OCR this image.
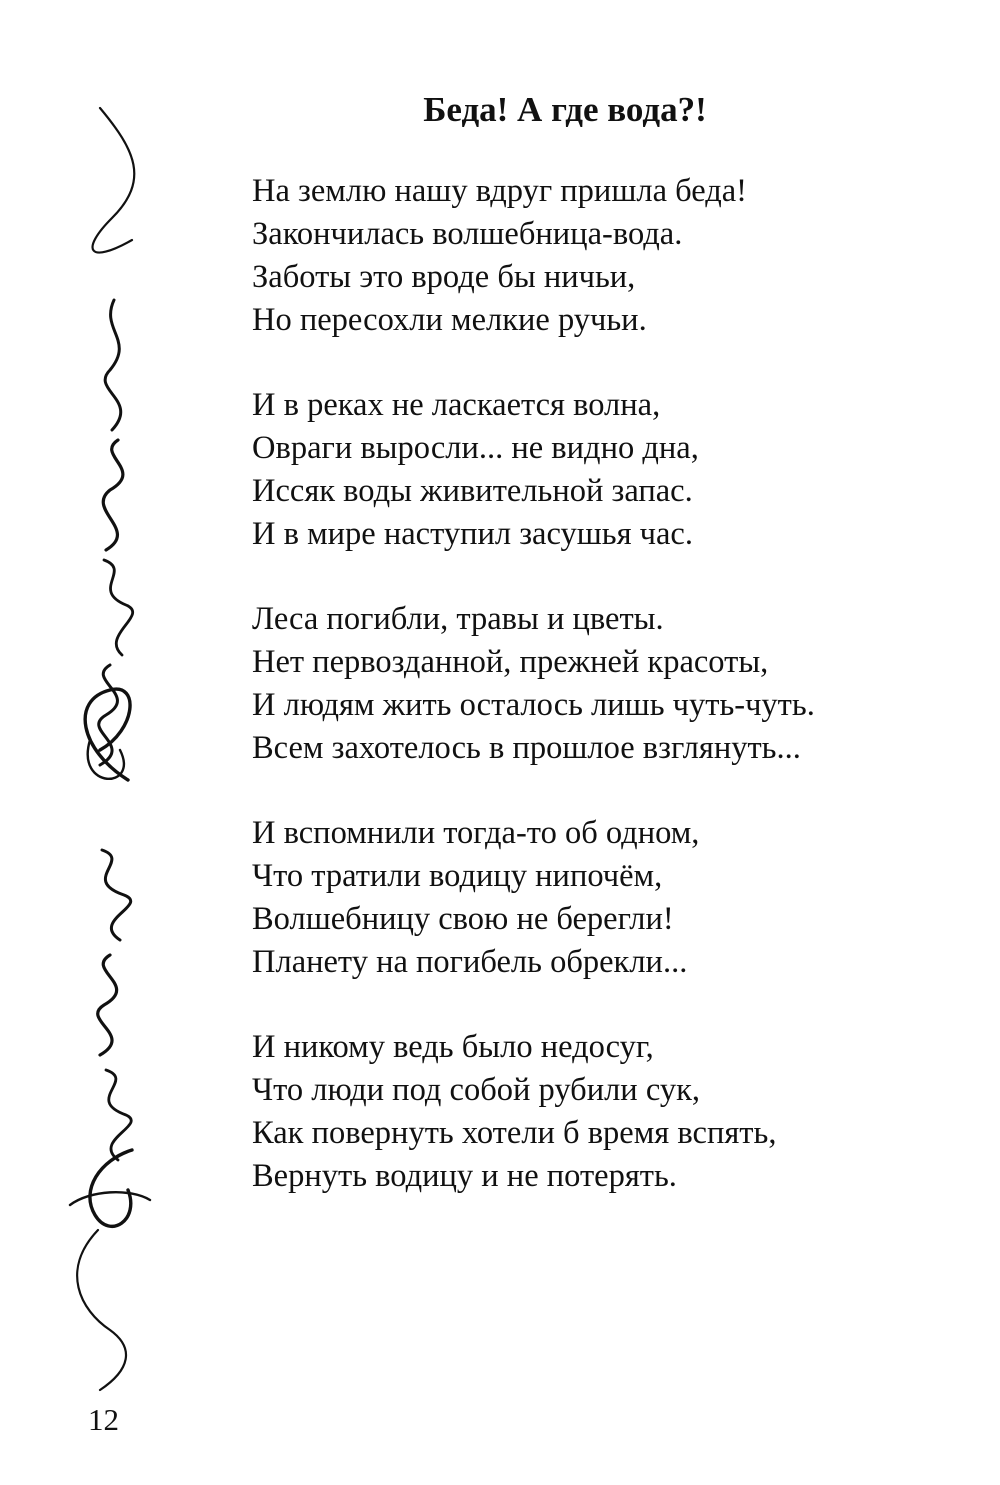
Беда! А где вода?!
На землю нашу вдруг пришла беда!
Закончилась волшебница-вода.
Заботы это вроде бы ничьи,
Но пересохли мелкие ручьи.
И в реках не ласкается волна,
Овраги выросли... не видно дна,
Иссяк воды живительной запас.
И в мире наступил засушья час.
Леса погибли, травы и цветы.
Нет первозданной, прежней красоты,
И людям жить осталось лишь чуть-чуть.
Всем захотелось в прошлое взглянуть...
И вспомнили тогда-то об одном,
Что тратили водицу нипочём,
Волшебницу свою не берегли!
Планету на погибель обрекли...
И никому ведь было недосуг,
Что люди под собой рубили сук,
Как повернуть хотели б время вспять,
Вернуть водицу и не потерять.
12
